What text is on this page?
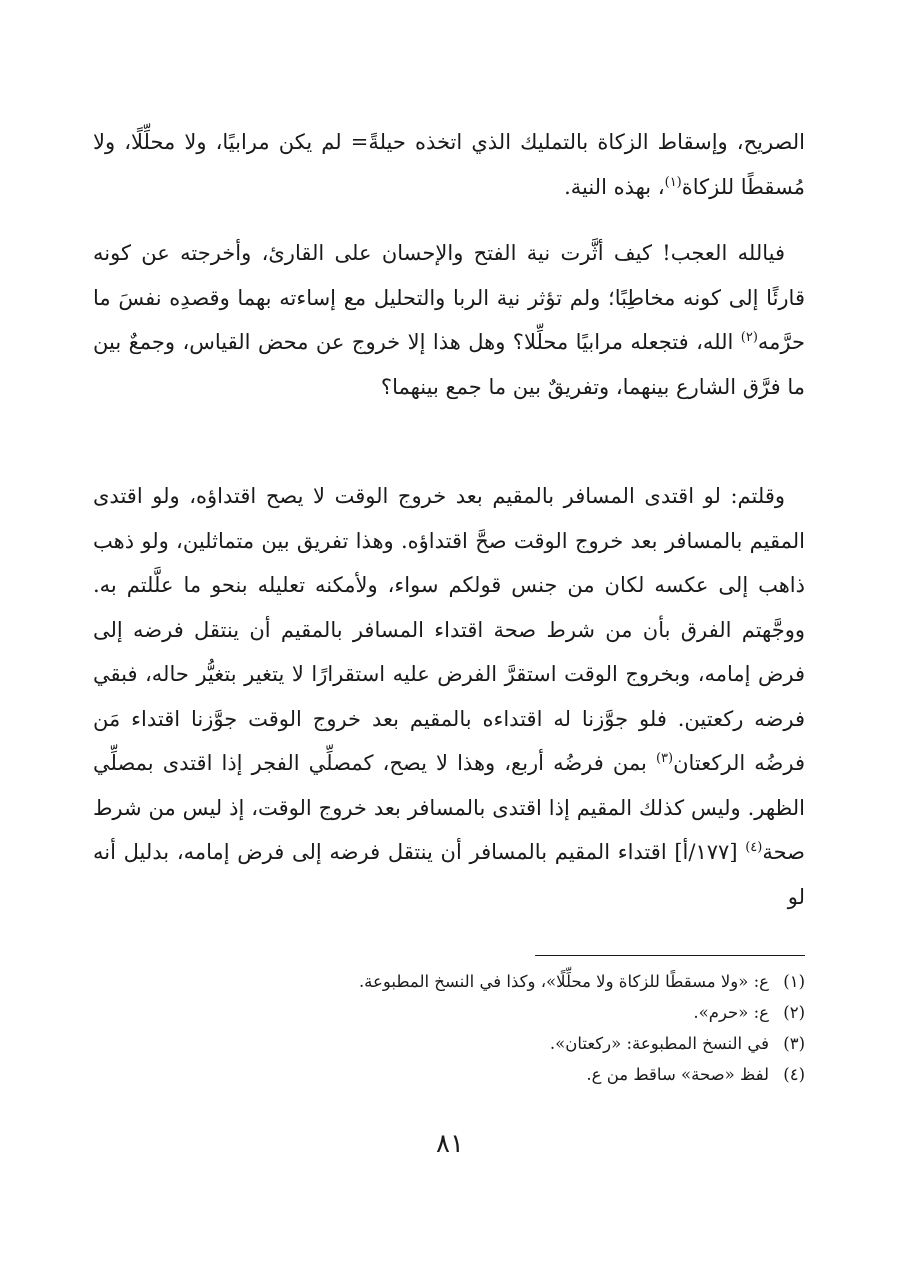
الصريح، وإسقاط الزكاة بالتمليك الذي اتخذه حيلةً= لم يكن مرابيًا، ولا محلِّلًا، ولا مُسقطًا للزكاة$^{(١)}$، بهذه النية.

فيالله العجب! كيف أثَّرت نية الفتح والإحسان على القارئ، وأخرجته عن كونه قارئًا إلى كونه مخاطِبًا؛ ولم تؤثر نية الربا والتحليل مع إساءته بهما وقصدِه نفسَ ما حرَّمه$^{(٢)}$ الله، فتجعله مرابيًا محلِّلا؟ وهل هذا إلا خروج عن محض القياس، وجمعٌ بين ما فرَّق الشارع بينهما، وتفريقٌ بين ما جمع بينهما؟

وقلتم: لو اقتدى المسافر بالمقيم بعد خروج الوقت لا يصح اقتداؤه، ولو اقتدى المقيم بالمسافر بعد خروج الوقت صحَّ اقتداؤه. وهذا تفريق بين متماثلين، ولو ذهب ذاهب إلى عكسه لكان من جنس قولكم سواء، ولأمكنه تعليله بنحو ما علَّلتم به. ووجَّهتم الفرق بأن من شرط صحة اقتداء المسافر بالمقيم أن ينتقل فرضه إلى فرض إمامه، وبخروج الوقت استقرَّ الفرض عليه استقرارًا لا يتغير بتغيُّر حاله، فبقي فرضه ركعتين. فلو جوَّزنا له اقتداءه بالمقيم بعد خروج الوقت جوَّزنا اقتداء مَن فرضُه الركعتان$^{(٣)}$ بمن فرضُه أربع، وهذا لا يصح، كمصلِّي الفجر إذا اقتدى بمصلِّي الظهر. وليس كذلك المقيم إذا اقتدى بالمسافر بعد خروج الوقت، إذ ليس من شرط صحة$^{(٤)}$ [١٧٧/أ] اقتداء المقيم بالمسافر أن ينتقل فرضه إلى فرض إمامه، بدليل أنه لو

(١)ع: «ولا مسقطًا للزكاة ولا محلِّلًا»، وكذا في النسخ المطبوعة.
(٢)ع: «حرم».
(٣)في النسخ المطبوعة: «ركعتان».
(٤)لفظ «صحة» ساقط من ع.
٨١
